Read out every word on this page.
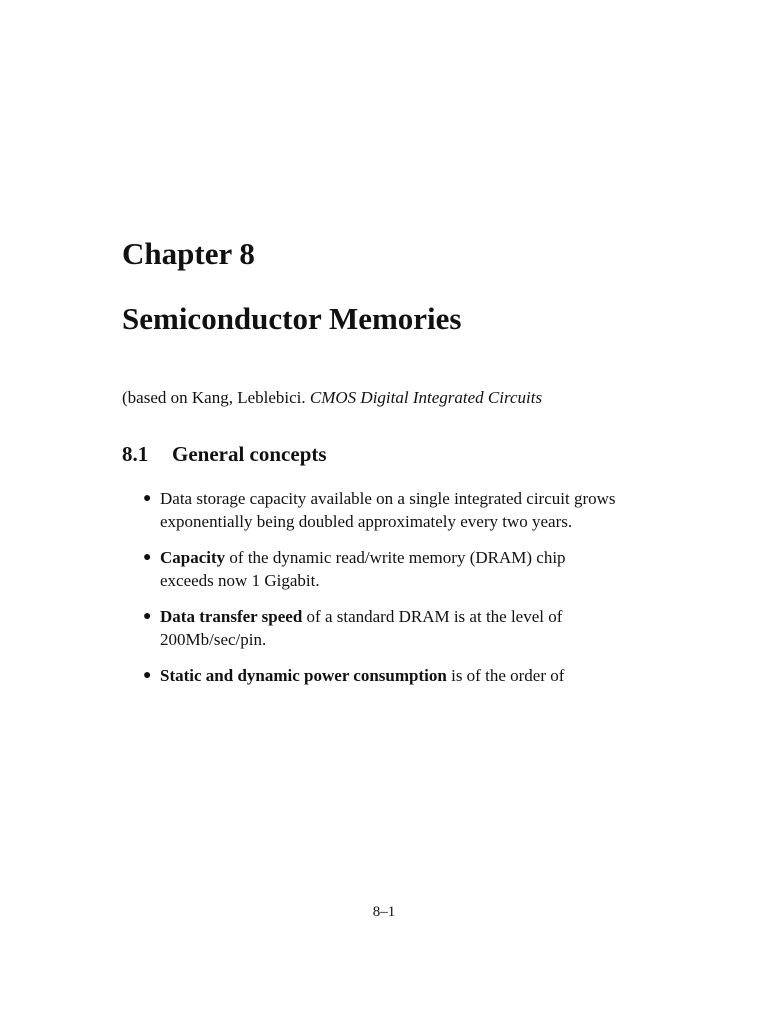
Chapter 8
Semiconductor Memories
(based on Kang, Leblebici. CMOS Digital Integrated Circuits
8.1 General concepts
● Data storage capacity available on a single integrated circuit grows exponentially being doubled approximately every two years.
● Capacity of the dynamic read/write memory (DRAM) chip exceeds now 1 Gigabit.
● Data transfer speed of a standard DRAM is at the level of 200Mb/sec/pin.
● Static and dynamic power consumption is of the order of
8–1
